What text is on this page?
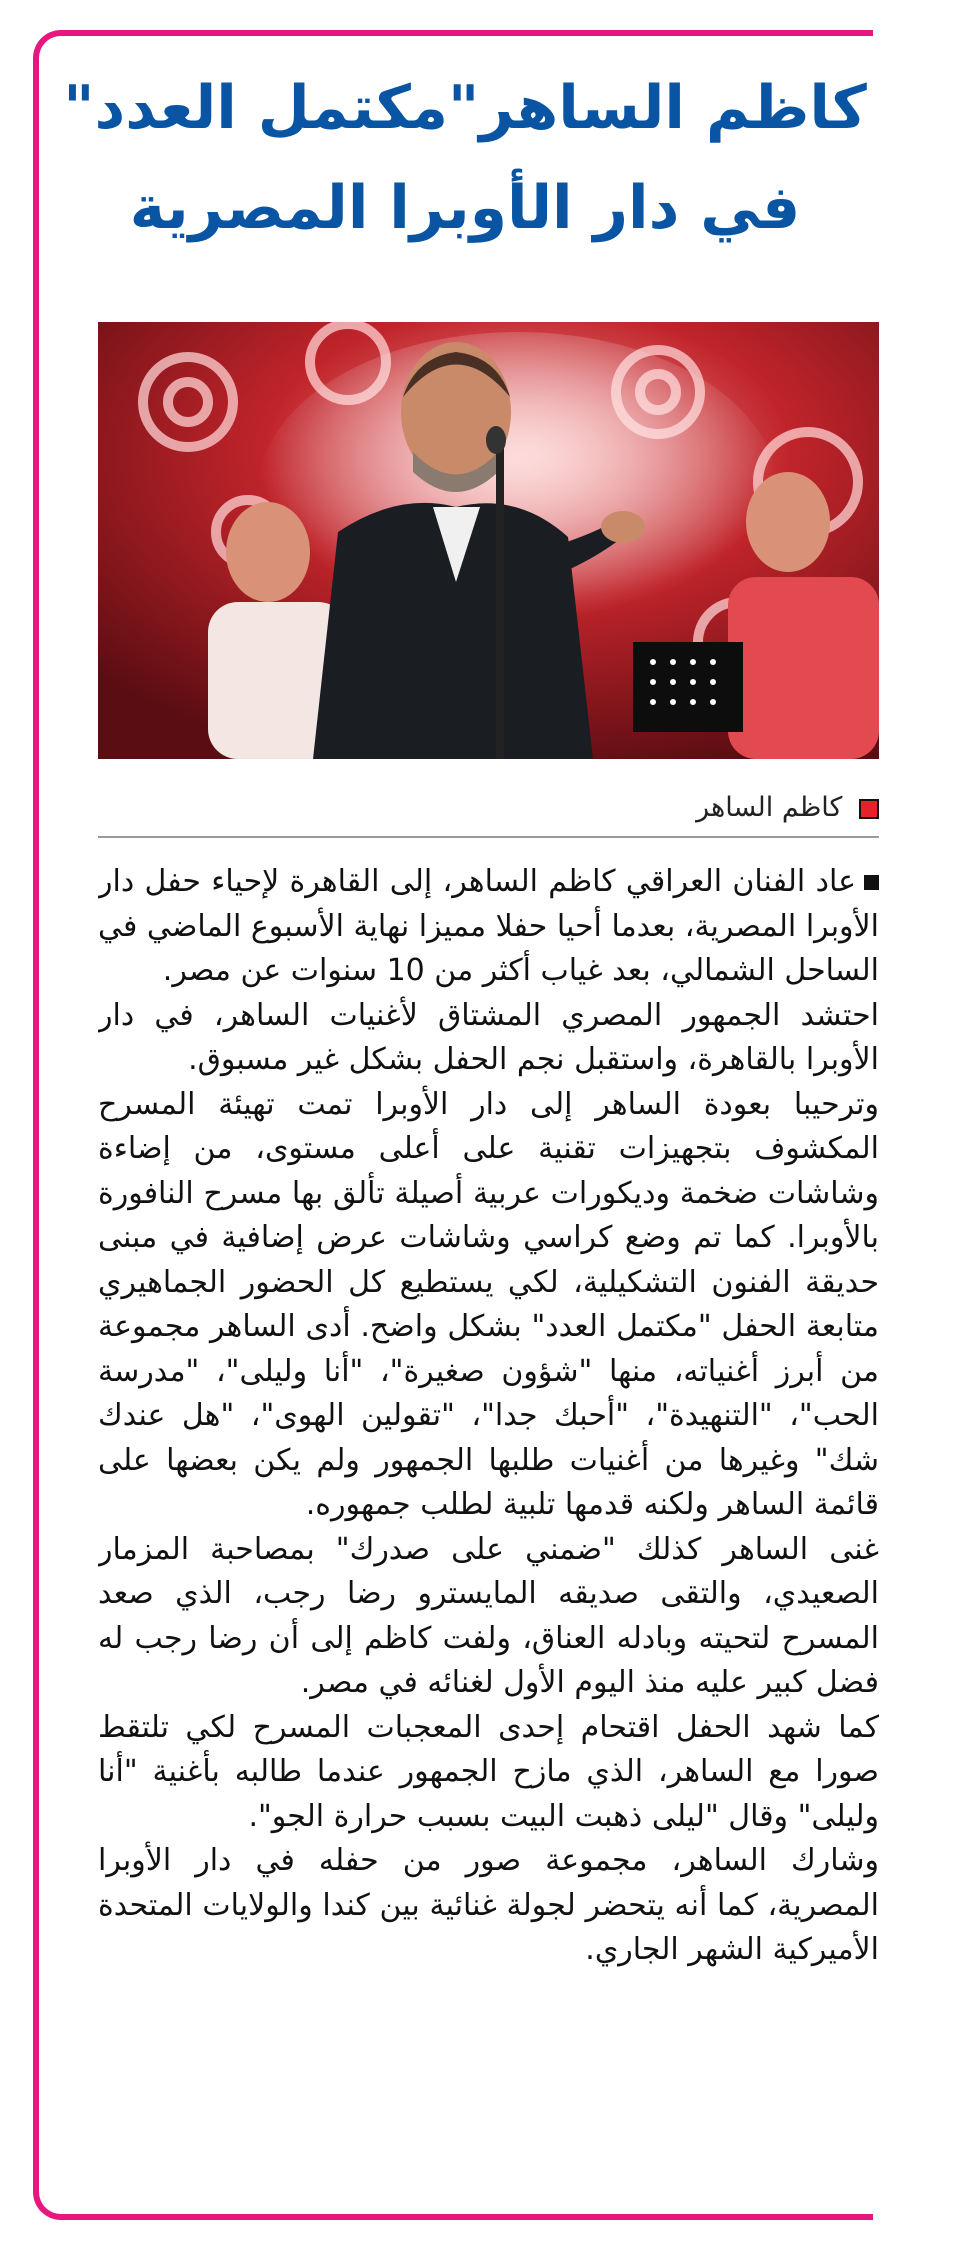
كاظم الساهر"مكتمل العدد"
في دار الأوبرا المصرية
كاظم الساهر

عاد الفنان العراقي كاظم الساهر، إلى القاهرة لإحياء حفل دار الأوبرا المصرية، بعدما أحيا حفلا مميزا نهاية الأسبوع الماضي في الساحل الشمالي، بعد غياب أكثر من 10 سنوات عن مصر.

احتشد الجمهور المصري المشتاق لأغنيات الساهر، في دار الأوبرا بالقاهرة، واستقبل نجم الحفل بشكل غير مسبوق.

وترحيبا بعودة الساهر إلى دار الأوبرا تمت تهيئة المسرح المكشوف بتجهيزات تقنية على أعلى مستوى، من إضاءة وشاشات ضخمة وديكورات عربية أصيلة تألق بها مسرح النافورة بالأوبرا. كما تم وضع كراسي وشاشات عرض إضافية في مبنى حديقة الفنون التشكيلية، لكي يستطيع كل الحضور الجماهيري متابعة الحفل "مكتمل العدد" بشكل واضح. أدى الساهر مجموعة من أبرز أغنياته، منها "شؤون صغيرة"، "أنا وليلى"، "مدرسة الحب"، "التنهيدة"، "أحبك جدا"، "تقولين الهوى"، "هل عندك شك" وغيرها من أغنيات طلبها الجمهور ولم يكن بعضها على قائمة الساهر ولكنه قدمها تلبية لطلب جمهوره.

غنى الساهر كذلك "ضمني على صدرك" بمصاحبة المزمار الصعيدي، والتقى صديقه المايسترو رضا رجب، الذي صعد المسرح لتحيته وبادله العناق، ولفت كاظم إلى أن رضا رجب له فضل كبير عليه منذ اليوم الأول لغنائه في مصر.

كما شهد الحفل اقتحام إحدى المعجبات المسرح لكي تلتقط صورا مع الساهر، الذي مازح الجمهور عندما طالبه بأغنية "أنا وليلى" وقال "ليلى ذهبت البيت بسبب حرارة الجو".

وشارك الساهر، مجموعة صور من حفله في دار الأوبرا المصرية، كما أنه يتحضر لجولة غنائية بين كندا والولايات المتحدة الأميركية الشهر الجاري.
